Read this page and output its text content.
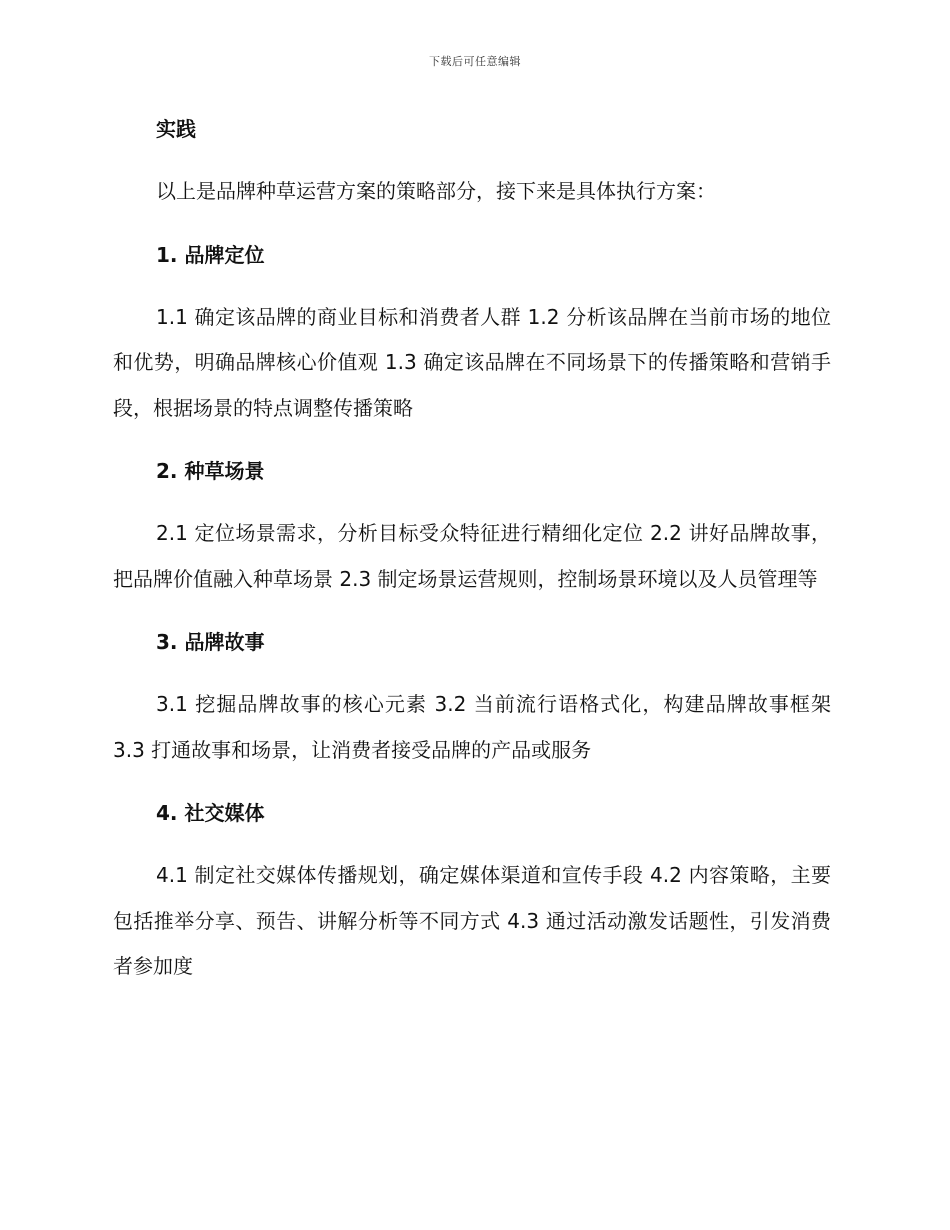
下载后可任意编辑
实践
以上是品牌种草运营方案的策略部分，接下来是具体执行方案：
1. 品牌定位
1.1 确定该品牌的商业目标和消费者人群 1.2 分析该品牌在当前市场的地位和优势，明确品牌核心价值观 1.3 确定该品牌在不同场景下的传播策略和营销手段，根据场景的特点调整传播策略
2. 种草场景
2.1 定位场景需求，分析目标受众特征进行精细化定位 2.2 讲好品牌故事，把品牌价值融入种草场景 2.3 制定场景运营规则，控制场景环境以及人员管理等
3. 品牌故事
3.1 挖掘品牌故事的核心元素 3.2 当前流行语格式化，构建品牌故事框架 3.3 打通故事和场景，让消费者接受品牌的产品或服务
4. 社交媒体
4.1 制定社交媒体传播规划，确定媒体渠道和宣传手段 4.2 内容策略，主要包括推举分享、预告、讲解分析等不同方式 4.3 通过活动激发话题性，引发消费者参加度
